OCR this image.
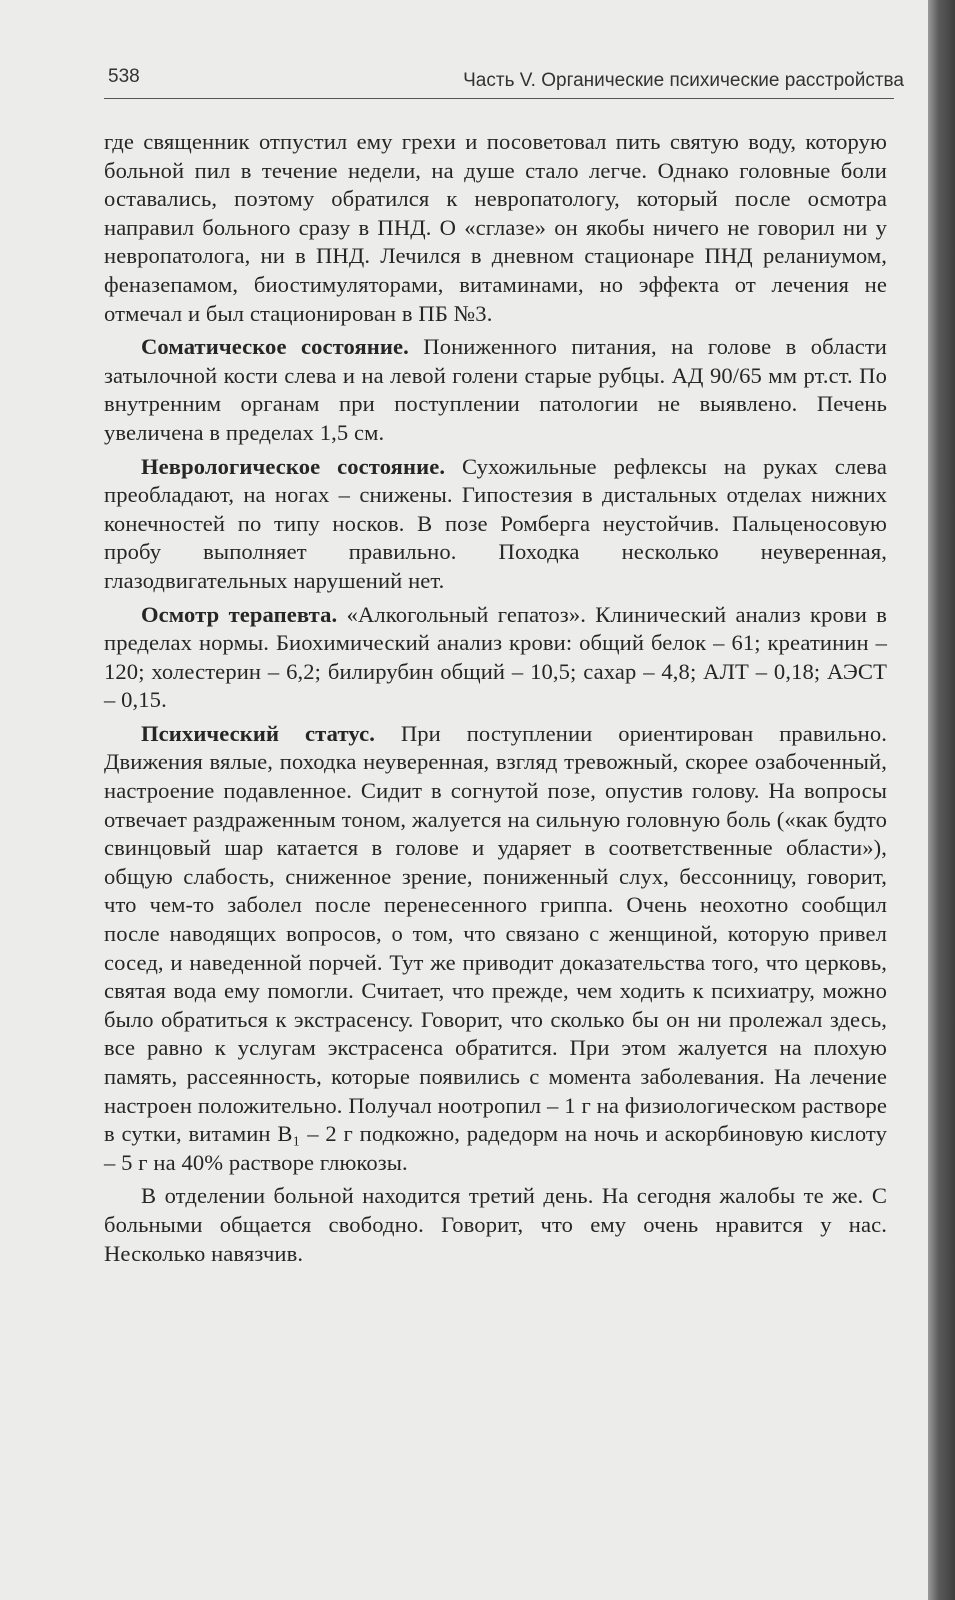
538	Часть V. Органические психические расстройства

где священник отпустил ему грехи и посоветовал пить святую воду, которую больной пил в течение недели, на душе стало легче. Однако головные боли оставались, поэтому обратился к невропатологу, который после осмотра направил больного сразу в ПНД. О «сглазе» он якобы ничего не говорил ни у невропатолога, ни в ПНД. Лечился в дневном стационаре ПНД реланиумом, феназепамом, биостимуляторами, витаминами, но эффекта от лечения не отмечал и был стационирован в ПБ №3.

Соматическое состояние. Пониженного питания, на голове в области затылочной кости слева и на левой голени старые рубцы. АД 90/65 мм рт.ст. По внутренним органам при поступлении патологии не выявлено. Печень увеличена в пределах 1,5 см.

Неврологическое состояние. Сухожильные рефлексы на руках слева преобладают, на ногах – снижены. Гипостезия в дистальных отделах нижних конечностей по типу носков. В позе Ромберга неустойчив. Пальценосовую пробу выполняет правильно. Походка несколько неуверенная, глазодвигательных нарушений нет.

Осмотр терапевта. «Алкогольный гепатоз». Клинический анализ крови в пределах нормы. Биохимический анализ крови: общий белок – 61; креатинин – 120; холестерин – 6,2; билирубин общий – 10,5; сахар – 4,8; АЛТ – 0,18; АЭСТ – 0,15.

Психический статус. При поступлении ориентирован правильно. Движения вялые, походка неуверенная, взгляд тревожный, скорее озабоченный, настроение подавленное. Сидит в согнутой позе, опустив голову. На вопросы отвечает раздраженным тоном, жалуется на сильную головную боль («как будто свинцовый шар катается в голове и ударяет в соответственные области»), общую слабость, сниженное зрение, пониженный слух, бессонницу, говорит, что чем-то заболел после перенесенного гриппа. Очень неохотно сообщил после наводящих вопросов, о том, что связано с женщиной, которую привел сосед, и наведенной порчей. Тут же приводит доказательства того, что церковь, святая вода ему помогли. Считает, что прежде, чем ходить к психиатру, можно было обратиться к экстрасенсу. Говорит, что сколько бы он ни пролежал здесь, все равно к услугам экстрасенса обратится. При этом жалуется на плохую память, рассеянность, которые появились с момента заболевания. На лечение настроен положительно. Получал ноотропил – 1 г на физиологическом растворе в сутки, витамин B₁ – 2 г подкожно, радедорм на ночь и аскорбиновую кислоту – 5 г на 40% растворе глюкозы.

В отделении больной находится третий день. На сегодня жалобы те же. С больными общается свободно. Говорит, что ему очень нравится у нас. Несколько навязчив.
